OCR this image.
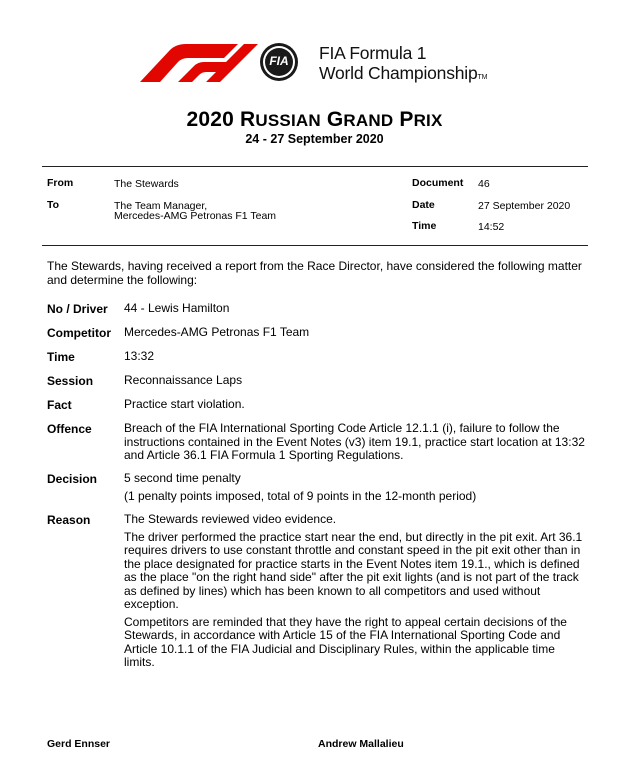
FIA	FIA Formula 1
World ChampionshipTM
2020 RUSSIAN GRAND PRIX
24 - 27 September 2020
From	The Stewards
To	The Team Manager,
Mercedes-AMG Petronas F1 Team
Document 46
Date	27 September 2020
Time	14:52
The Stewards, having received a report from the Race Director, have considered the following matter and determine the following:
No / Driver 44 - Lewis Hamilton
Competitor Mercedes-AMG Petronas F1 Team
Time	13:32
Session	Reconnaissance Laps
Fact	Practice start violation.
Offence	Breach of the FIA International Sporting Code Article 12.1.1 (i), failure to follow the instructions contained in the Event Notes (v3) item 19.1, practice start location at 13:32 and Article 36.1 FIA Formula 1 Sporting Regulations.
Decision 5 second time penalty

(1 penalty points imposed, total of 9 points in the 12-month period)

Reason	The Stewards reviewed video evidence.

The driver performed the practice start near the end, but directly in the pit exit. Art 36.1 requires drivers to use constant throttle and constant speed in the pit exit other than in the place designated for practice starts in the Event Notes item 19.1., which is defined as the place "on the right hand side" after the pit exit lights (and is not part of the track as defined by lines) which has been known to all competitors and used without exception.

Competitors are reminded that they have the right to appeal certain decisions of the Stewards, in accordance with Article 15 of the FIA International Sporting Code and Article 10.1.1 of the FIA Judicial and Disciplinary Rules, within the applicable time limits.

Gerd Ennser	Andrew Mallalieu
